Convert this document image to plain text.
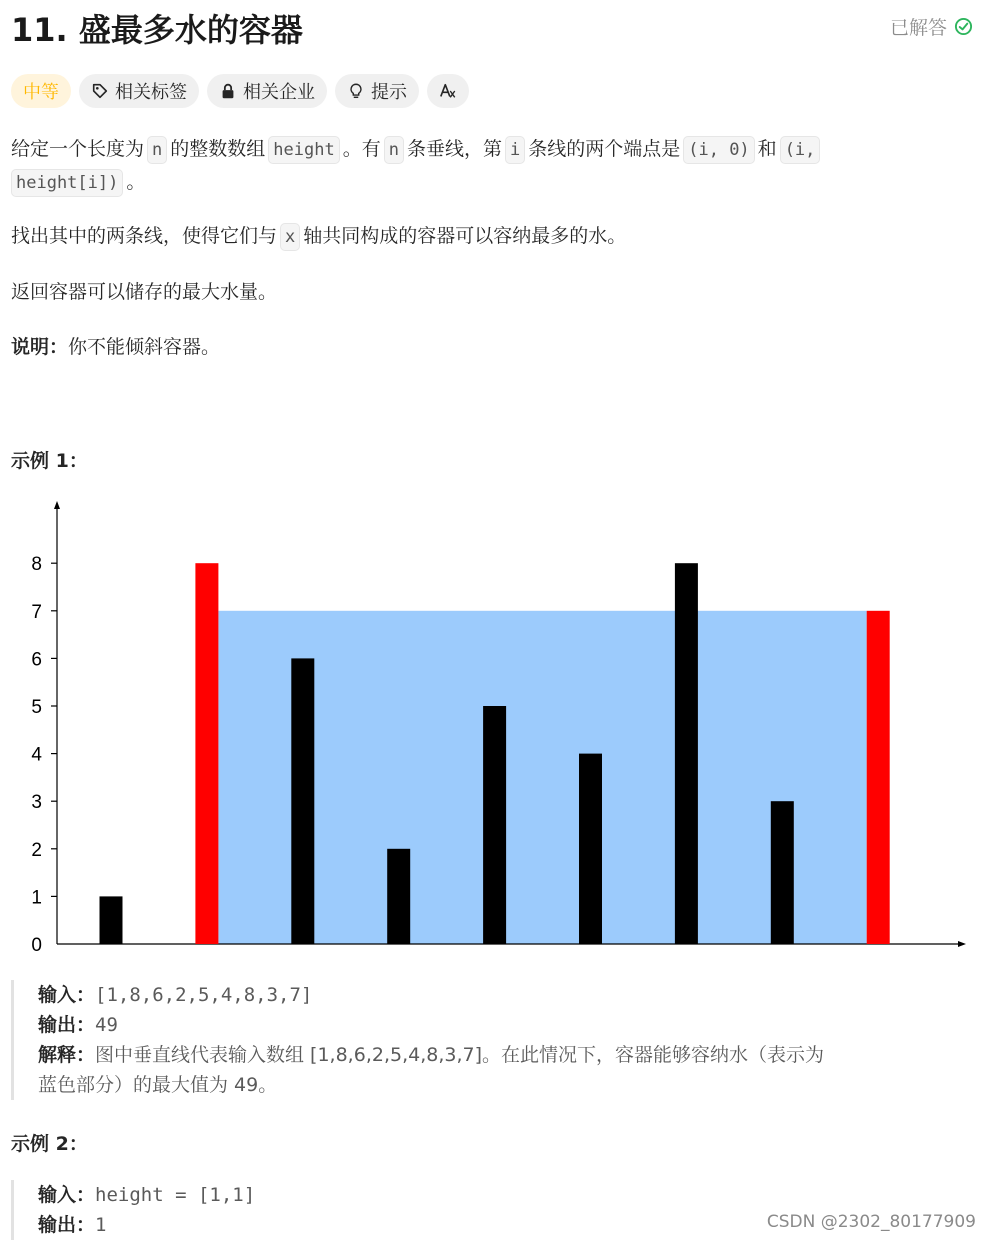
11. 盛最多水的容器	已解答
中等	相关标签	相关企业	提示
给定一个长度为 n 的整数数组 height 。有 n 条垂线，第 i 条线的两个端点是 (i, 0) 和 (i,
height[i]) 。
找出其中的两条线，使得它们与 x 轴共同构成的容器可以容纳最多的水。
返回容器可以储存的最大水量。
说明：你不能倾斜容器。
示例 1：
0
1
2
3
4
5
6
7
8
输入：[1,8,6,2,5,4,8,3,7]
输出：49
解释：图中垂直线代表输入数组 [1,8,6,2,5,4,8,3,7]。在此情况下，容器能够容纳水（表示为
蓝色部分）的最大值为 49。
示例 2：
输入：height = [1,1]
输出：1	CSDN @2302_80177909
